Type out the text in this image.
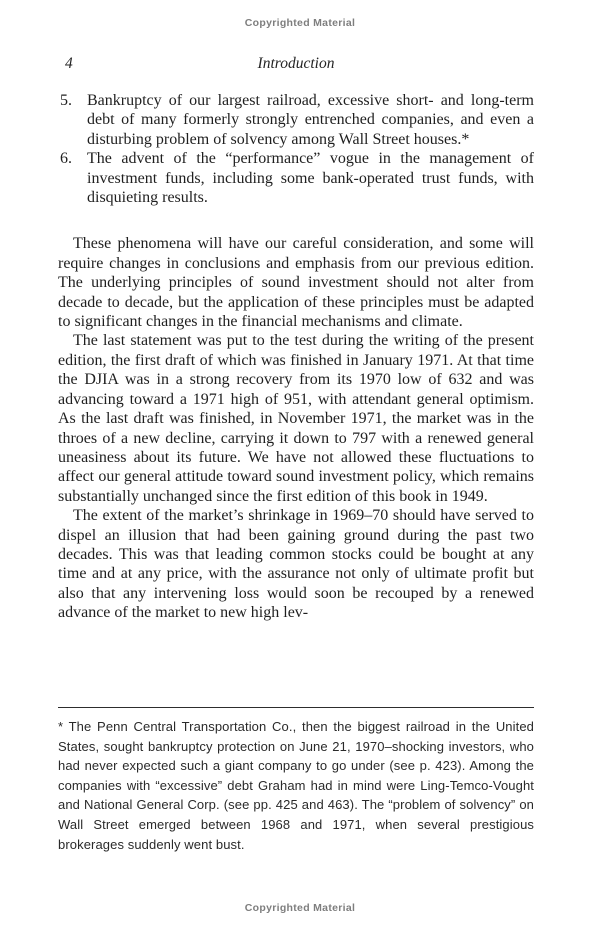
Copyrighted Material
4	Introduction
5. Bankruptcy of our largest railroad, excessive short- and long-term debt of many formerly strongly entrenched companies, and even a disturbing problem of solvency among Wall Street houses.*
6. The advent of the “performance” vogue in the management of investment funds, including some bank-operated trust funds, with disquieting results.

These phenomena will have our careful consideration, and some will require changes in conclusions and emphasis from our previous edition. The underlying principles of sound investment should not alter from decade to decade, but the application of these principles must be adapted to significant changes in the financial mechanisms and climate.

The last statement was put to the test during the writing of the present edition, the first draft of which was finished in January 1971. At that time the DJIA was in a strong recovery from its 1970 low of 632 and was advancing toward a 1971 high of 951, with attendant general optimism. As the last draft was finished, in November 1971, the market was in the throes of a new decline, carrying it down to 797 with a renewed general uneasiness about its future. We have not allowed these fluctuations to affect our general attitude toward sound investment policy, which remains substantially unchanged since the first edition of this book in 1949.

The extent of the market’s shrinkage in 1969–70 should have served to dispel an illusion that had been gaining ground during the past two decades. This was that leading common stocks could be bought at any time and at any price, with the assurance not only of ultimate profit but also that any intervening loss would soon be recouped by a renewed advance of the market to new high lev-

* The Penn Central Transportation Co., then the biggest railroad in the United States, sought bankruptcy protection on June 21, 1970–shocking investors, who had never expected such a giant company to go under (see p. 423). Among the companies with “excessive” debt Graham had in mind were Ling-Temco-Vought and National General Corp. (see pp. 425 and 463). The “problem of solvency” on Wall Street emerged between 1968 and 1971, when several prestigious brokerages suddenly went bust.
Copyrighted Material
